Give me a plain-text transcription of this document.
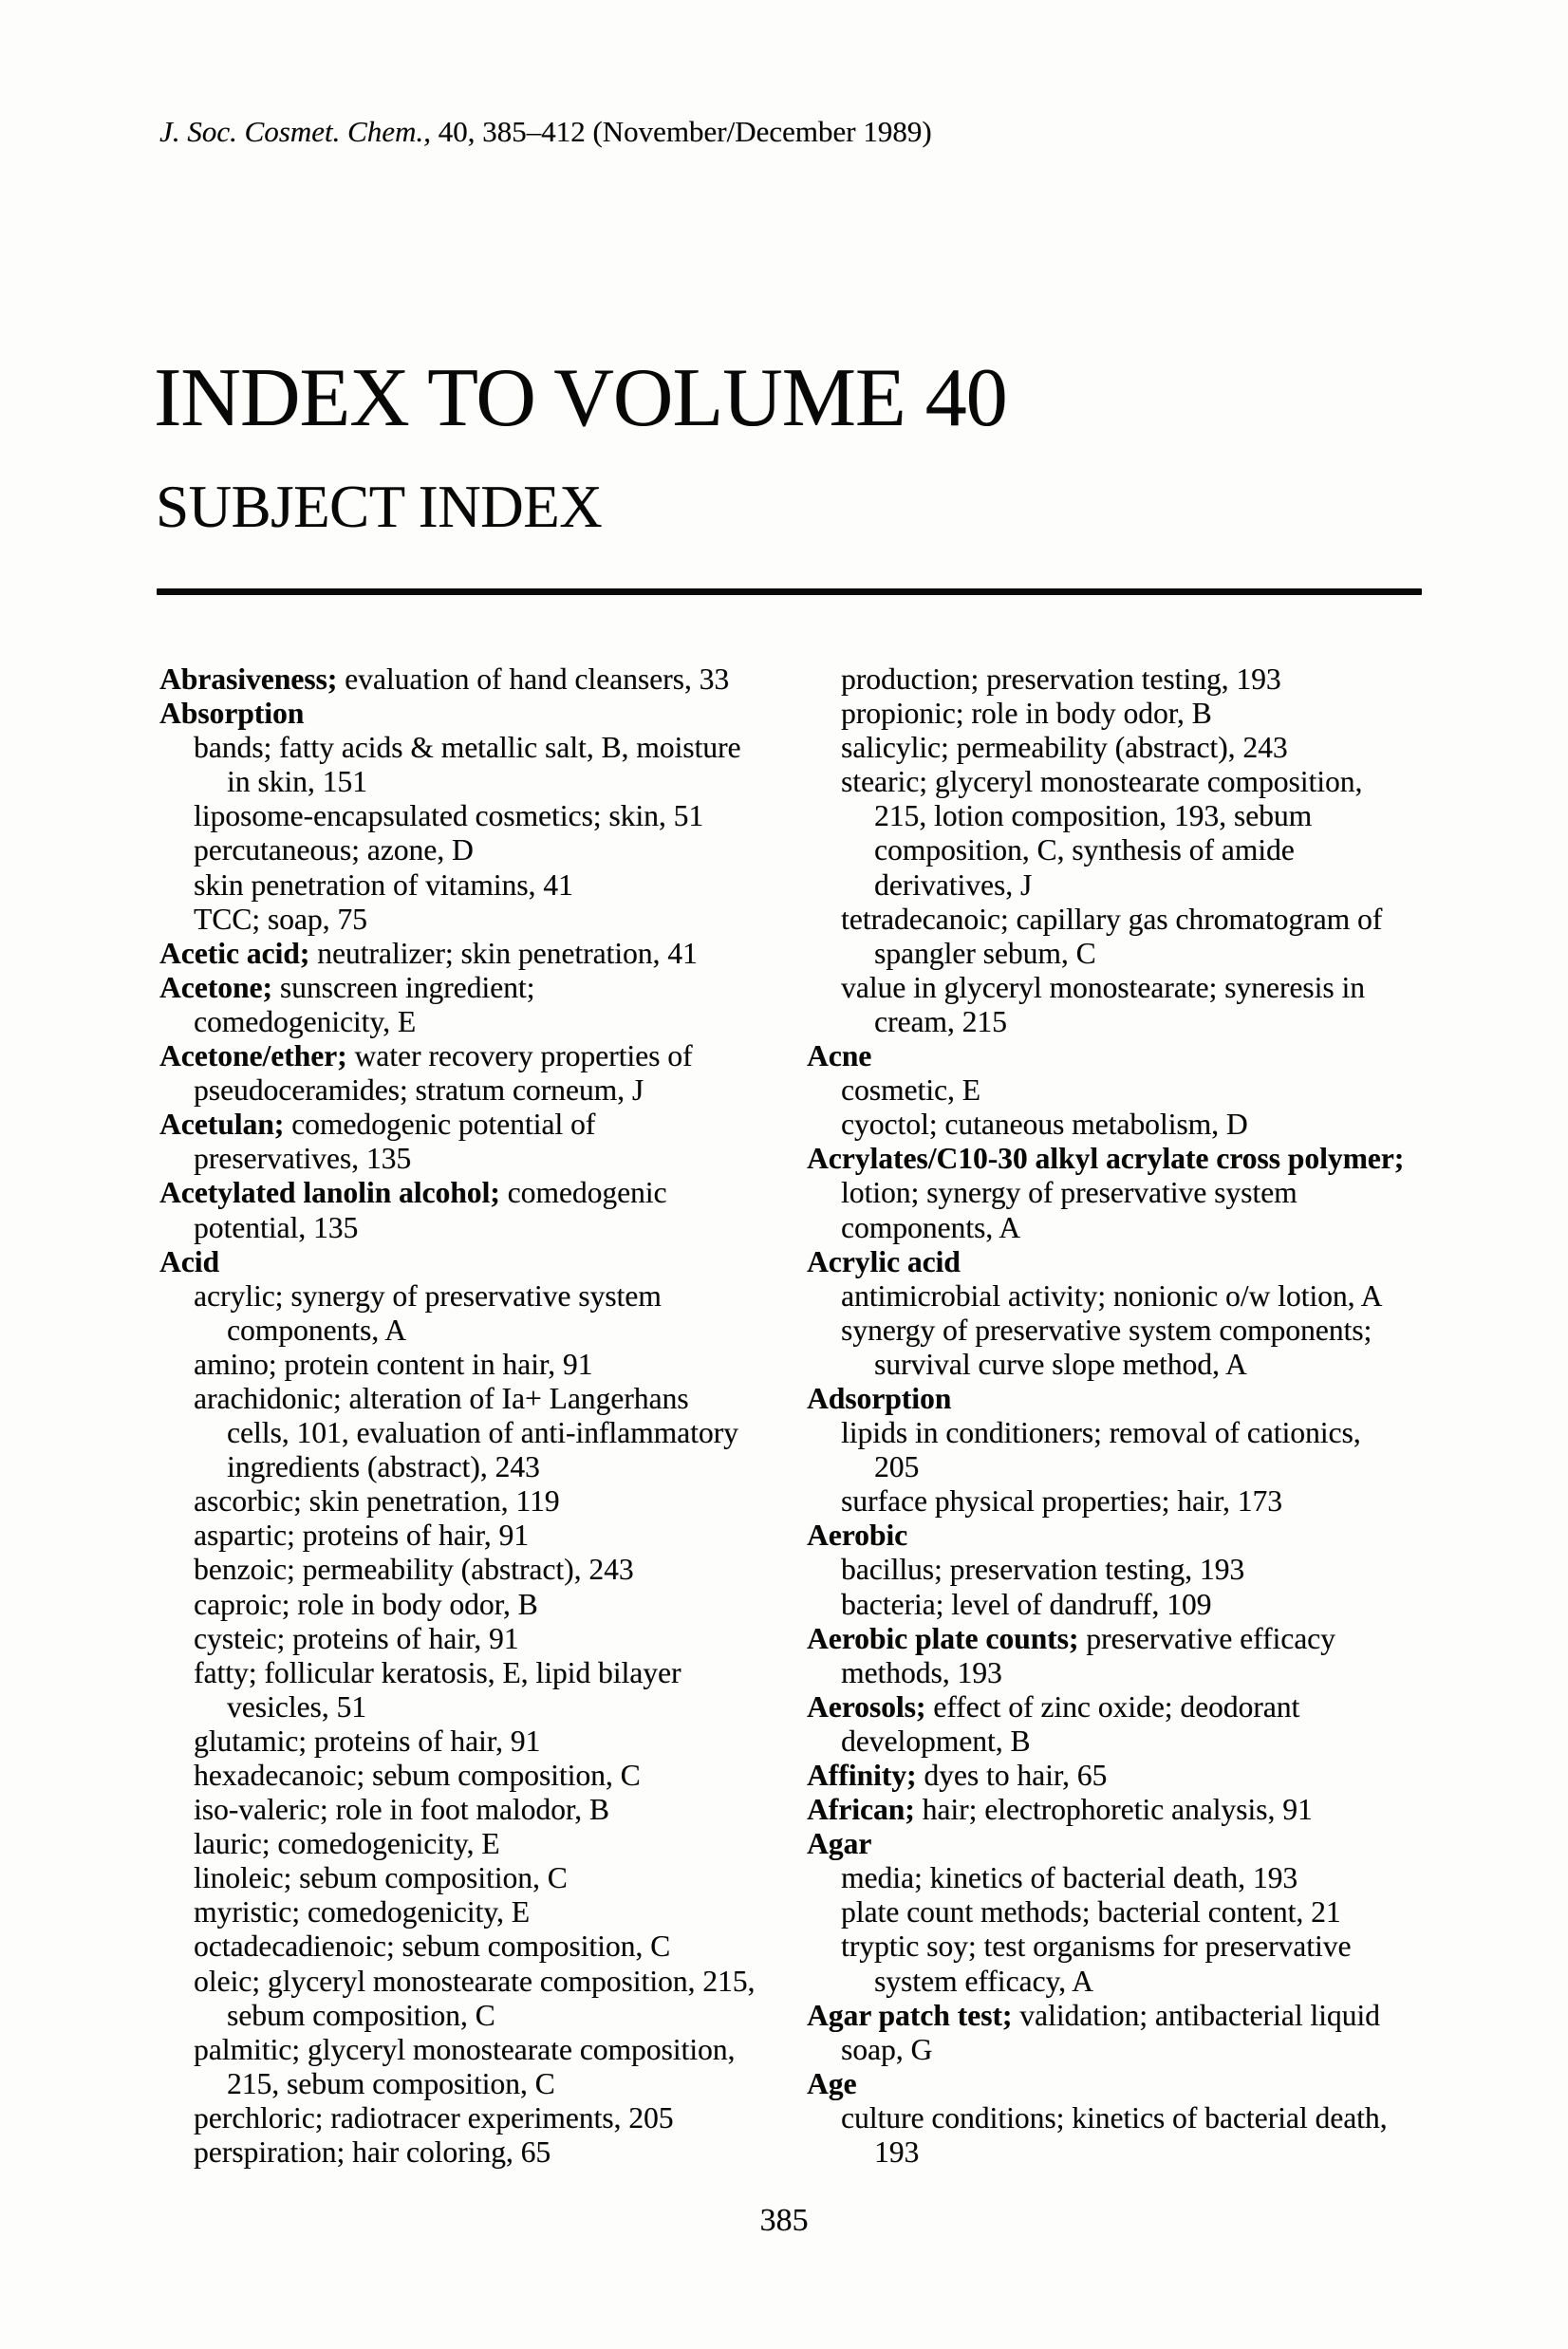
J. Soc. Cosmet. Chem., 40, 385–412 (November/December 1989)
INDEX TO VOLUME 40
SUBJECT INDEX
Abrasiveness; evaluation of hand cleansers, 33
Absorption
bands; fatty acids & metallic salt, B, moisture
in skin, 151
liposome-encapsulated cosmetics; skin, 51
percutaneous; azone, D
skin penetration of vitamins, 41
TCC; soap, 75
Acetic acid; neutralizer; skin penetration, 41
Acetone; sunscreen ingredient;
comedogenicity, E
Acetone/ether; water recovery properties of
pseudoceramides; stratum corneum, J
Acetulan; comedogenic potential of
preservatives, 135
Acetylated lanolin alcohol; comedogenic
potential, 135
Acid
acrylic; synergy of preservative system
components, A
amino; protein content in hair, 91
arachidonic; alteration of Ia+ Langerhans
cells, 101, evaluation of anti-inflammatory
ingredients (abstract), 243
ascorbic; skin penetration, 119
aspartic; proteins of hair, 91
benzoic; permeability (abstract), 243
caproic; role in body odor, B
cysteic; proteins of hair, 91
fatty; follicular keratosis, E, lipid bilayer
vesicles, 51
glutamic; proteins of hair, 91
hexadecanoic; sebum composition, C
iso-valeric; role in foot malodor, B
lauric; comedogenicity, E
linoleic; sebum composition, C
myristic; comedogenicity, E
octadecadienoic; sebum composition, C
oleic; glyceryl monostearate composition, 215,
sebum composition, C
palmitic; glyceryl monostearate composition,
215, sebum composition, C
perchloric; radiotracer experiments, 205
perspiration; hair coloring, 65
production; preservation testing, 193
propionic; role in body odor, B
salicylic; permeability (abstract), 243
stearic; glyceryl monostearate composition,
215, lotion composition, 193, sebum
composition, C, synthesis of amide
derivatives, J
tetradecanoic; capillary gas chromatogram of
spangler sebum, C
value in glyceryl monostearate; syneresis in
cream, 215
Acne
cosmetic, E
cyoctol; cutaneous metabolism, D
Acrylates/C10-30 alkyl acrylate cross polymer;
lotion; synergy of preservative system
components, A
Acrylic acid
antimicrobial activity; nonionic o/w lotion, A
synergy of preservative system components;
survival curve slope method, A
Adsorption
lipids in conditioners; removal of cationics,
205
surface physical properties; hair, 173
Aerobic
bacillus; preservation testing, 193
bacteria; level of dandruff, 109
Aerobic plate counts; preservative efficacy
methods, 193
Aerosols; effect of zinc oxide; deodorant
development, B
Affinity; dyes to hair, 65
African; hair; electrophoretic analysis, 91
Agar
media; kinetics of bacterial death, 193
plate count methods; bacterial content, 21
tryptic soy; test organisms for preservative
system efficacy, A
Agar patch test; validation; antibacterial liquid
soap, G
Age
culture conditions; kinetics of bacterial death,
193
385
